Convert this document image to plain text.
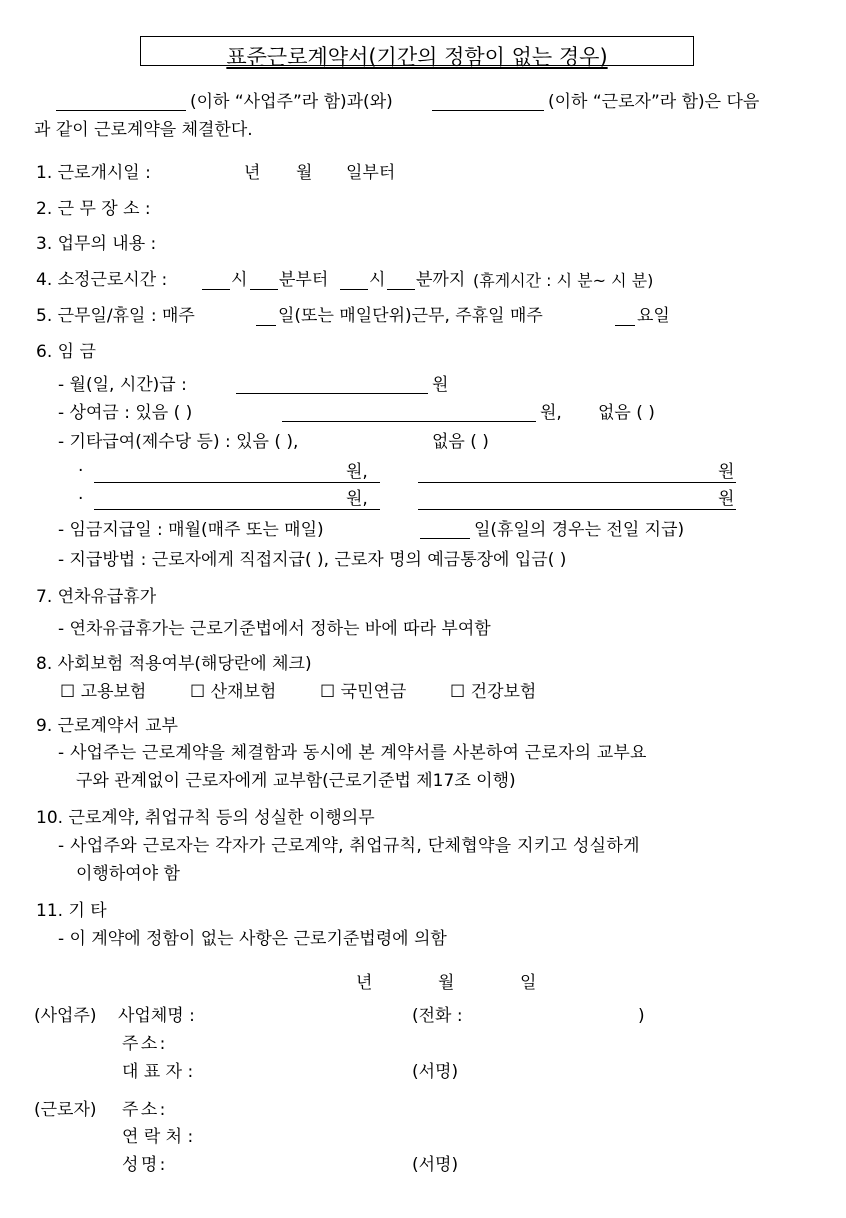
표준근로계약서(기간의 정함이 없는 경우)
(이하 “사업주”라 함)과(와)	(이하 “근로자”라 함)은 다음
과 같이 근로계약을 체결한다.
1. 근로개시일 :	년 월 일부터
2. 근 무 장 소 :
3. 업무의 내용 :
4. 소정근로시간 :	시 분부터 시 분까지 (휴게시간 : 시 분~ 시 분)
5. 근무일/휴일 : 매주	일(또는 매일단위)근무, 주휴일 매주	요일
6. 임 금
- 월(일, 시간)급 :	원
- 상여금 : 있음 ( )	원, 없음 ( )
- 기타급여(제수당 등) : 있음 ( ),	없음 ( )
·	원,	원
·	원,	원
- 임금지급일 : 매월(매주 또는 매일)	일(휴일의 경우는 전일 지급)
- 지급방법 : 근로자에게 직접지급( ), 근로자 명의 예금통장에 입금( )
7. 연차유급휴가
- 연차유급휴가는 근로기준법에서 정하는 바에 따라 부여함
8. 사회보험 적용여부(해당란에 체크)
☐ 고용보험	☐ 산재보험	☐ 국민연금	☐ 건강보험
9. 근로계약서 교부
- 사업주는 근로계약을 체결함과 동시에 본 계약서를 사본하여 근로자의 교부요
구와 관계없이 근로자에게 교부함(근로기준법 제17조 이행)
10. 근로계약, 취업규칙 등의 성실한 이행의무
- 사업주와 근로자는 각자가 근로계약, 취업규칙, 단체협약을 지키고 성실하게
이행하여야 함
11. 기 타
- 이 계약에 정함이 없는 사항은 근로기준법령에 의함
년	월	일
(사업주) 사업체명 :	(전화 :	)
주 소 :
대 표 자 :	(서명)
(근로자) 주 소 :
연 락 처 :
성 명 :	(서명)
